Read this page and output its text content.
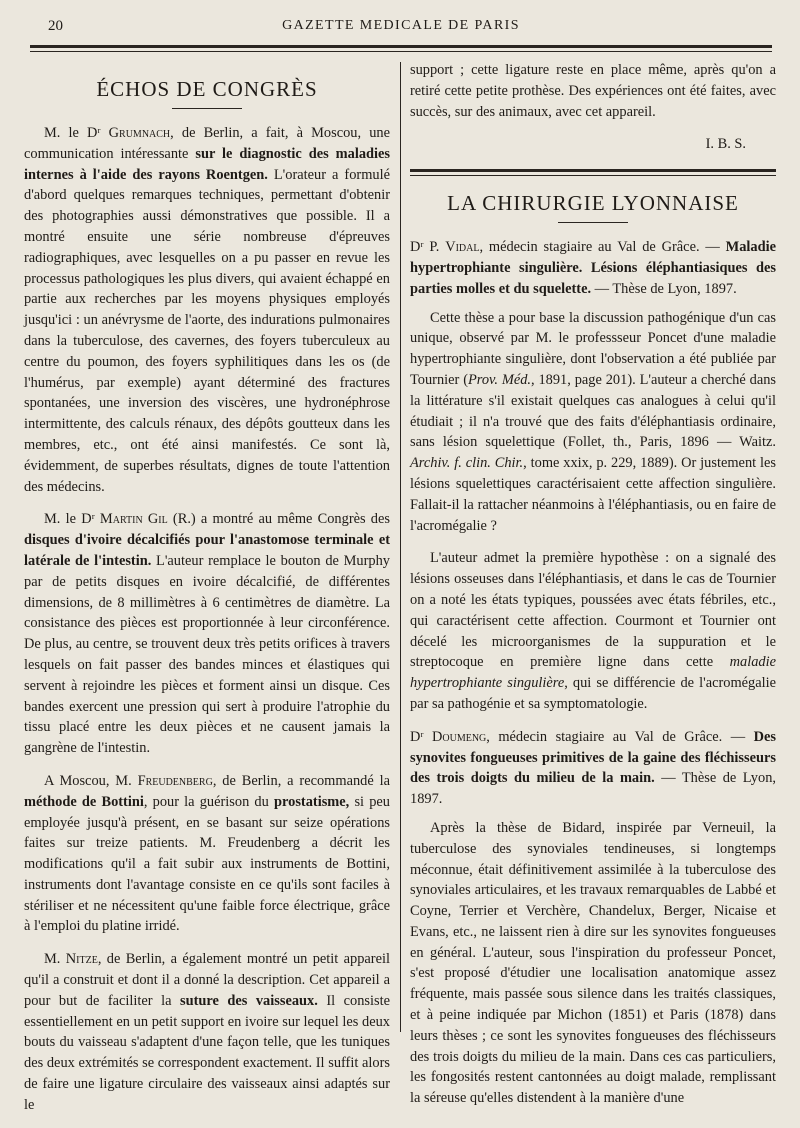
20	GAZETTE MEDICALE DE PARIS
ÉCHOS DE CONGRÈS

M. le Dʳ Grumnach, de Berlin, a fait, à Moscou, une communication intéressante sur le diagnostic des maladies internes à l'aide des rayons Roentgen. L'orateur a formulé d'abord quelques remarques techniques, permettant d'obtenir des photographies aussi démonstratives que possible. Il a montré ensuite une série nombreuse d'épreuves radiographiques, avec lesquelles on a pu passer en revue les processus pathologiques les plus divers, qui avaient échappé en partie aux recherches par les moyens physiques employés jusqu'ici : un anévrysme de l'aorte, des indurations pulmonaires dans la tuberculose, des cavernes, des foyers tuberculeux au centre du poumon, des foyers syphilitiques dans les os (de l'humérus, par exemple) ayant déterminé des fractures spontanées, une inversion des viscères, une hydronéphrose intermittente, des calculs rénaux, des dépôts goutteux dans les membres, etc., ont été ainsi manifestés. Ce sont là, évidemment, de superbes résultats, dignes de toute l'attention des médecins.

M. le Dʳ Martin Gil (R.) a montré au même Congrès des disques d'ivoire décalcifiés pour l'anastomose terminale et latérale de l'intestin. L'auteur remplace le bouton de Murphy par de petits disques en ivoire décalcifié, de différentes dimensions, de 8 millimètres à 6 centimètres de diamètre. La consistance des pièces est proportionnée à leur circonférence. De plus, au centre, se trouvent deux très petits orifices à travers lesquels on fait passer des bandes minces et élastiques qui servent à rejoindre les pièces et forment ainsi un disque. Ces bandes exercent une pression qui sert à produire l'atrophie du tissu placé entre les deux pièces et ne causent jamais la gangrène de l'intestin.

A Moscou, M. Freudenberg, de Berlin, a recommandé la méthode de Bottini, pour la guérison du prostatisme, si peu employée jusqu'à présent, en se basant sur seize opérations faites sur treize patients. M. Freudenberg a décrit les modifications qu'il a fait subir aux instruments de Bottini, instruments dont l'avantage consiste en ce qu'ils sont faciles à stériliser et ne nécessitent qu'une faible force électrique, grâce à l'emploi du platine irridé.

M. Nitze, de Berlin, a également montré un petit appareil qu'il a construit et dont il a donné la description. Cet appareil a pour but de faciliter la suture des vaisseaux. Il consiste essentiellement en un petit support en ivoire sur lequel les deux bouts du vaisseau s'adaptent d'une façon telle, que les tuniques des deux extrémités se correspondent exactement. Il suffit alors de faire une ligature circulaire des vaisseaux ainsi adaptés sur le

support ; cette ligature reste en place même, après qu'on a retiré cette petite prothèse. Des expériences ont été faites, avec succès, sur des animaux, avec cet appareil.

I. B. S.
LA CHIRURGIE LYONNAISE

Dʳ P. Vidal, médecin stagiaire au Val de Grâce. — Maladie hypertrophiante singulière. Lésions éléphantiasiques des parties molles et du squelette. — Thèse de Lyon, 1897.

Cette thèse a pour base la discussion pathogénique d'un cas unique, observé par M. le professseur Poncet d'une maladie hypertrophiante singulière, dont l'observation a été publiée par Tournier (Prov. Méd., 1891, page 201). L'auteur a cherché dans la littérature s'il existait quelques cas analogues à celui qu'il étudiait ; il n'a trouvé que des faits d'éléphantiasis ordinaire, sans lésion squelettique (Follet, th., Paris, 1896 — Waitz. Archiv. f. clin. Chir., tome xxix, p. 229, 1889). Or justement les lésions squelettiques caractérisaient cette affection singulière. Fallait-il la rattacher néanmoins à l'éléphantiasis, ou en faire de l'acromégalie ?

L'auteur admet la première hypothèse : on a signalé des lésions osseuses dans l'éléphantiasis, et dans le cas de Tournier on a noté les états typiques, poussées avec états fébriles, etc., qui caractérisent cette affection. Courmont et Tournier ont décelé les microorganismes de la suppuration et le streptocoque en première ligne dans cette maladie hypertrophiante singulière, qui se différencie de l'acromégalie par sa pathogénie et sa symptomatologie.

Dʳ Doumeng, médecin stagiaire au Val de Grâce. — Des synovites fongueuses primitives de la gaine des fléchisseurs des trois doigts du milieu de la main. — Thèse de Lyon, 1897.

Après la thèse de Bidard, inspirée par Verneuil, la tuberculose des synoviales tendineuses, si longtemps méconnue, était définitivement assimilée à la tuberculose des synoviales articulaires, et les travaux remarquables de Labbé et Coyne, Terrier et Verchère, Chandelux, Berger, Nicaise et Evans, etc., ne laissent rien à dire sur les synovites fongueuses en général. L'auteur, sous l'inspiration du professeur Poncet, s'est proposé d'étudier une localisation anatomique assez fréquente, mais passée sous silence dans les traités classiques, et à peine indiquée par Michon (1851) et Paris (1878) dans leurs thèses ; ce sont les synovites fongueuses des fléchisseurs des trois doigts du milieu de la main. Dans ces cas particuliers, les fongosités restent cantonnées au doigt malade, remplissant la séreuse qu'elles distendent à la manière d'une
